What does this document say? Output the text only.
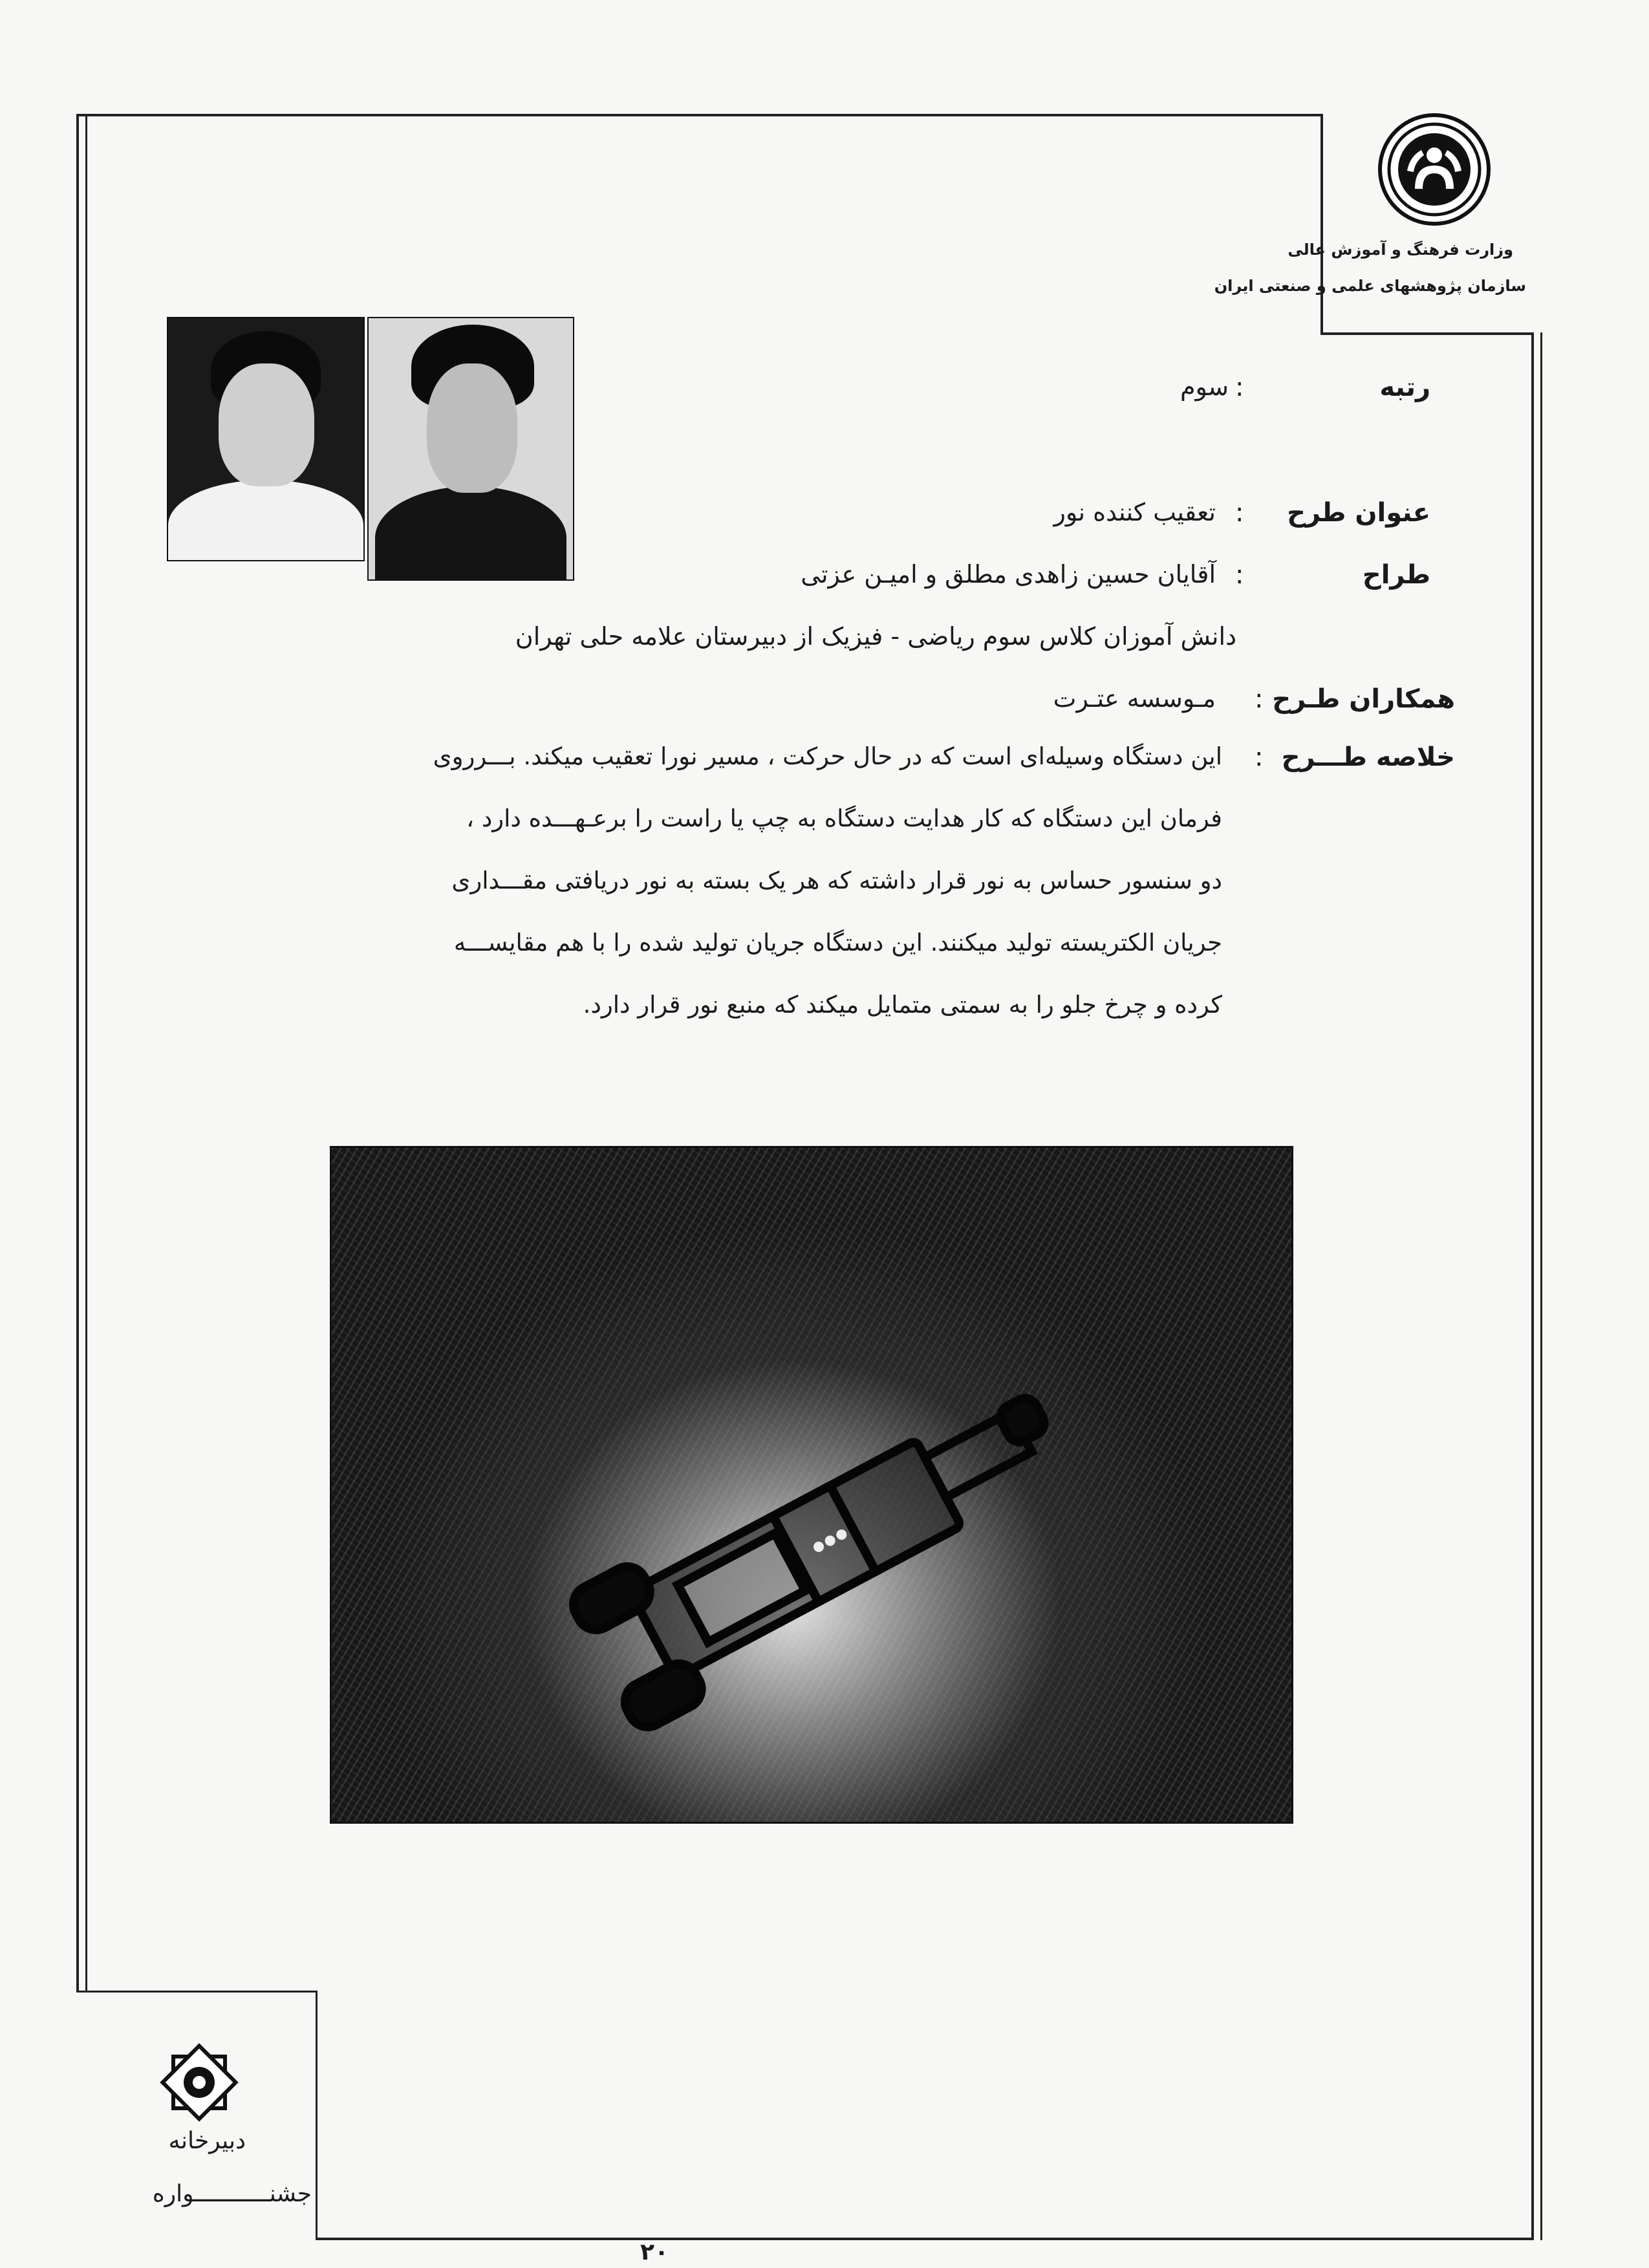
وزارت فرهنگ و آموزش عالی
سازمان پژوهشهای علمی و صنعتی ایران
رتبه
:
سوم
عنوان طرح
:
تعقیب کننده نور
طراح
:
آقایان حسین زاهدی مطلق و امیـن عزتی
دانش آموزان کلاس سوم ریاضی - فیزیک از دبیرستان علامه حلی تهران
همکاران طـرح
:
مـوسسه عتـرت
خلاصه طـــرح
:
این دستگاه وسیله‌ای است که در حال حرکت ، مسیر نورا تعقیب میکند. بـــرروی
فرمان این دستگاه که کار هدایت دستگاه به چپ یا راست را برعـهـــده دارد ،
دو سنسور حساس به نور قرار داشته که هر یک بسته به نور دریافتی مقـــداری
جریان الکتریسته تولید میکنند. این دستگاه جریان تولید شده را با هم مقایســـه
کرده و چرخ جلو را به سمتی متمایل میکند که منبع نور قرار دارد.
دبیرخانه
جشنـــــــــــواره
۲۰
